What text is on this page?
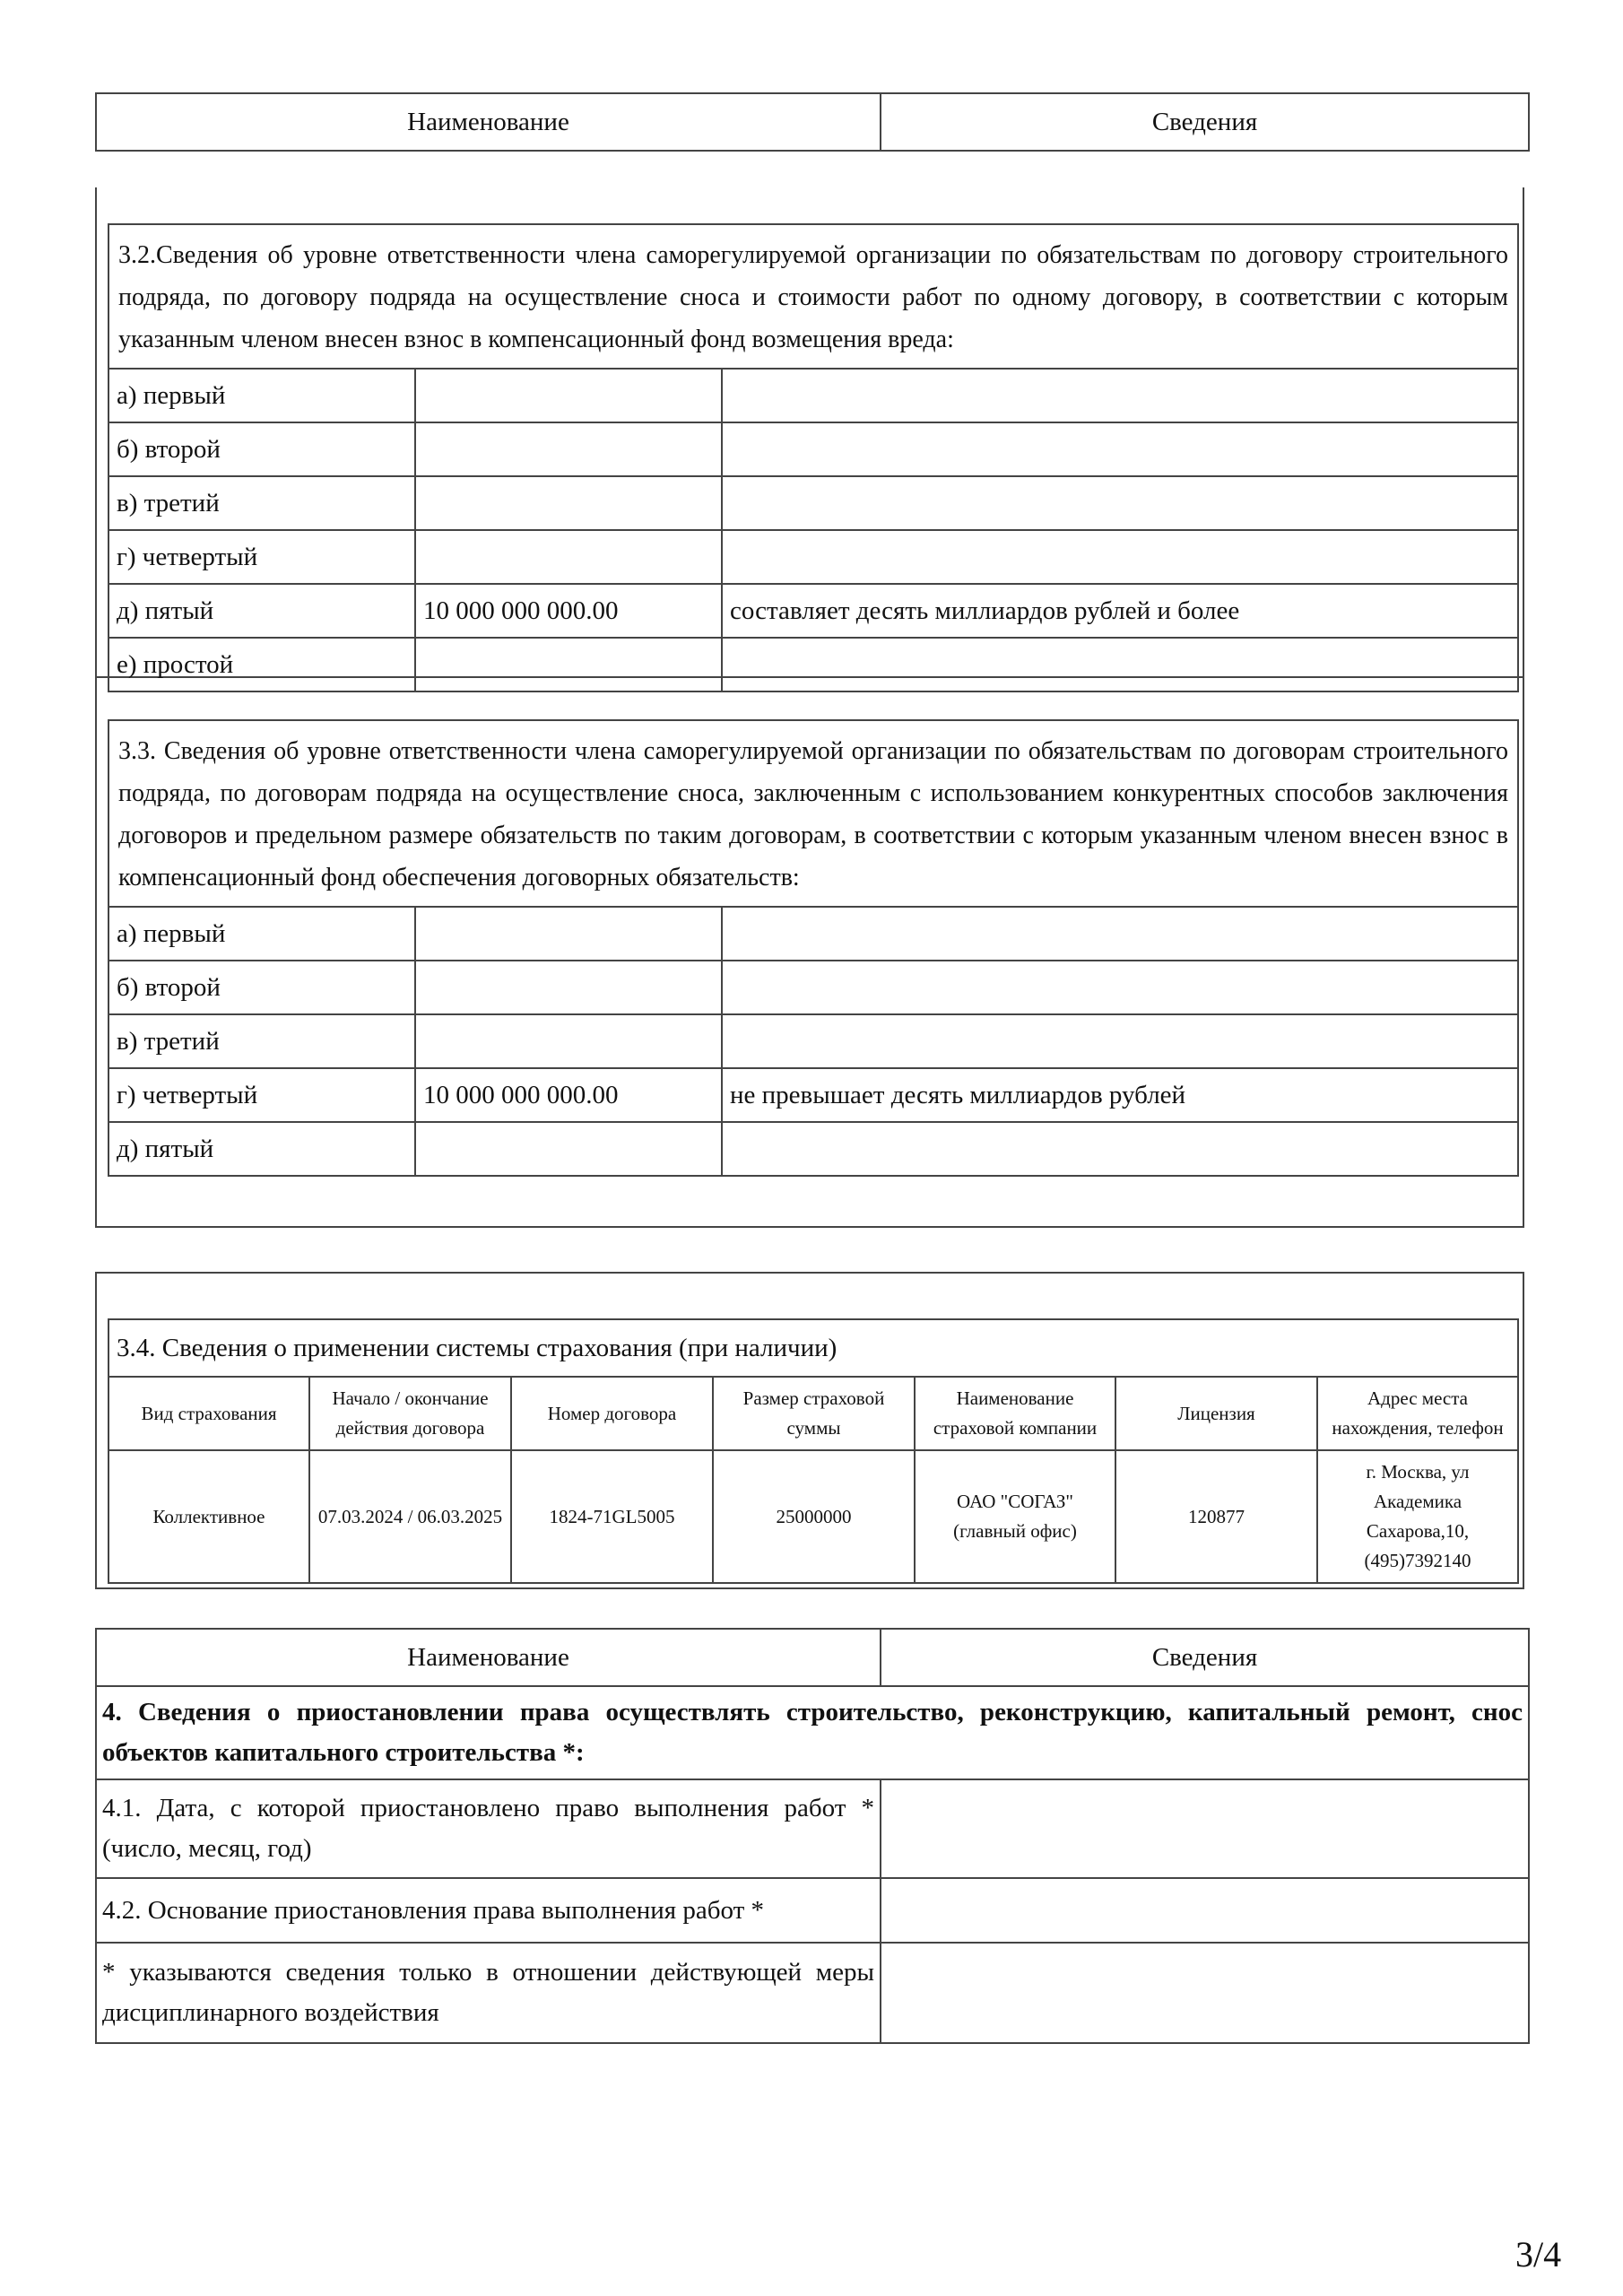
Наименование	Сведения
3.2.Сведения об уровне ответственности члена саморегулируемой организации по обязательствам по договору строительного подряда, по договору подряда на осуществление сноса и стоимости работ по одному договору, в соответствии с которым указанным членом внесен взнос в компенсационный фонд возмещения вреда:		
а) первый		
б) второй		
в) третий		
г) четвертый		
д) пятый	10 000 000 000.00	составляет десять миллиардов рублей и более
е) простой		
3.3. Сведения об уровне ответственности члена саморегулируемой организации по обязательствам по договорам строительного подряда, по договорам подряда на осуществление сноса, заключенным с использованием конкурентных способов заключения договоров и предельном размере обязательств по таким договорам, в соответствии с которым указанным членом внесен взнос в компенсационный фонд обеспечения договорных обязательств:		
а) первый		
б) второй		
в) третий		
г) четвертый	10 000 000 000.00	не превышает десять миллиардов рублей
д) пятый		
3.4. Сведения о применении системы страхования (при наличии)						
Вид страхования	Начало / окончание действия договора	Номер договора	Размер страховой суммы	Наименование страховой компании	Лицензия	Адрес места нахождения, телефон
Коллективное	07.03.2024 / 06.03.2025	1824-71GL5005	25000000	ОАО "СОГАЗ" (главный офис)	120877	г. Москва, ул Академика Сахарова,10, (495)7392140
Наименование	Сведения
4. Сведения о приостановлении права осуществлять строительство, реконструкцию, капитальный ремонт, снос объектов капитального строительства *:	
4.1. Дата, с которой приостановлено право выполнения работ * (число, месяц, год)	
4.2. Основание приостановления права выполнения работ *	
* указываются сведения только в отношении действующей меры дисциплинарного воздействия	
3/4
